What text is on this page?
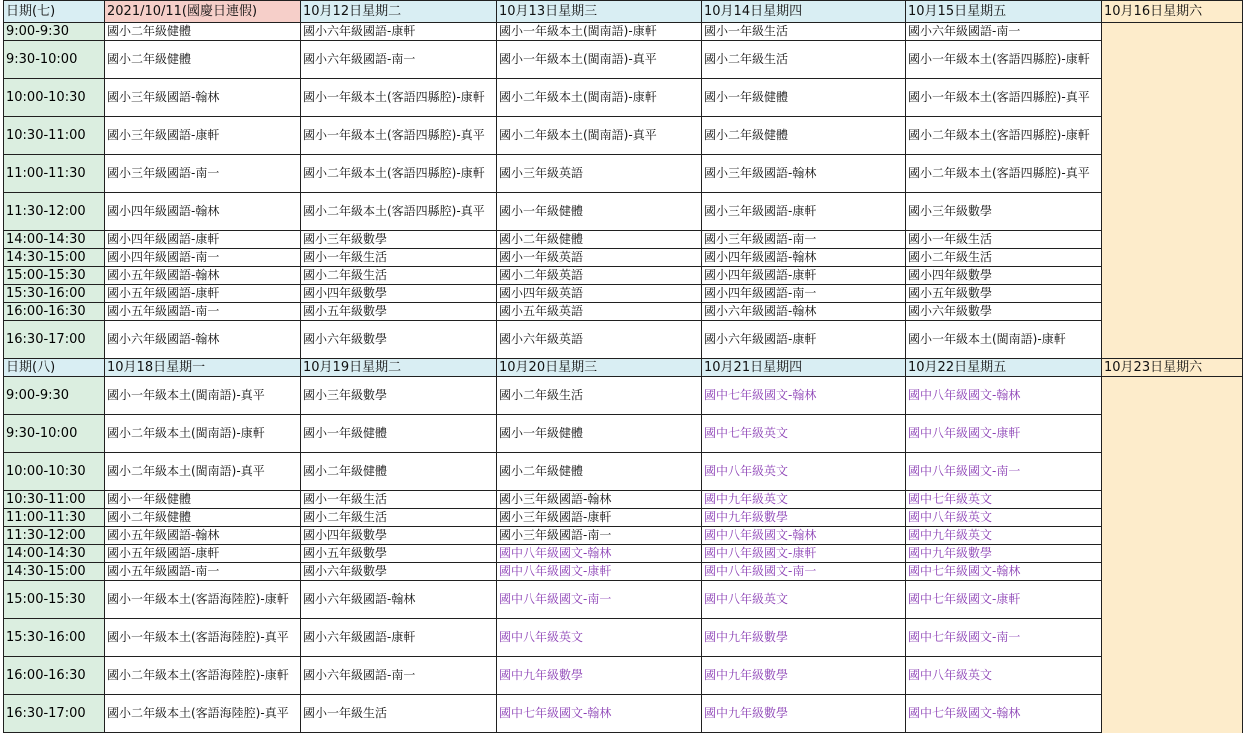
日期(七)	2021/10/11(國慶日連假)	10月12日星期二	10月13日星期三	10月14日星期四	10月15日星期五	10月16日星期六
9:00-9:30	國小二年級健體	國小六年級國語-康軒	國小一年級本土(閩南語)-康軒	國小一年級生活	國小六年級國語-南一	
9:30-10:00	國小二年級健體	國小六年級國語-南一	國小一年級本土(閩南語)-真平	國小二年級生活	國小一年級本土(客語四縣腔)-康軒	
10:00-10:30	國小三年級國語-翰林	國小一年級本土(客語四縣腔)-康軒	國小二年級本土(閩南語)-康軒	國小一年級健體	國小一年級本土(客語四縣腔)-真平	
10:30-11:00	國小三年級國語-康軒	國小一年級本土(客語四縣腔)-真平	國小二年級本土(閩南語)-真平	國小二年級健體	國小二年級本土(客語四縣腔)-康軒	
11:00-11:30	國小三年級國語-南一	國小二年級本土(客語四縣腔)-康軒	國小三年級英語	國小三年級國語-翰林	國小二年級本土(客語四縣腔)-真平	
11:30-12:00	國小四年級國語-翰林	國小二年級本土(客語四縣腔)-真平	國小一年級健體	國小三年級國語-康軒	國小三年級數學	
14:00-14:30	國小四年級國語-康軒	國小三年級數學	國小二年級健體	國小三年級國語-南一	國小一年級生活	
14:30-15:00	國小四年級國語-南一	國小一年級生活	國小一年級英語	國小四年級國語-翰林	國小二年級生活	
15:00-15:30	國小五年級國語-翰林	國小二年級生活	國小二年級英語	國小四年級國語-康軒	國小四年級數學	
15:30-16:00	國小五年級國語-康軒	國小四年級數學	國小四年級英語	國小四年級國語-南一	國小五年級數學	
16:00-16:30	國小五年級國語-南一	國小五年級數學	國小五年級英語	國小六年級國語-翰林	國小六年級數學	
16:30-17:00	國小六年級國語-翰林	國小六年級數學	國小六年級英語	國小六年級國語-康軒	國小一年級本土(閩南語)-康軒	
日期(八)	10月18日星期一	10月19日星期二	10月20日星期三	10月21日星期四	10月22日星期五	10月23日星期六
9:00-9:30	國小一年級本土(閩南語)-真平	國小三年級數學	國小二年級生活	國中七年級國文-翰林	國中八年級國文-翰林	
9:30-10:00	國小二年級本土(閩南語)-康軒	國小一年級健體	國小一年級健體	國中七年級英文	國中八年級國文-康軒	
10:00-10:30	國小二年級本土(閩南語)-真平	國小二年級健體	國小二年級健體	國中八年級英文	國中八年級國文-南一	
10:30-11:00	國小一年級健體	國小一年級生活	國小三年級國語-翰林	國中九年級英文	國中七年級英文	
11:00-11:30	國小二年級健體	國小二年級生活	國小三年級國語-康軒	國中九年級數學	國中八年級英文	
11:30-12:00	國小五年級國語-翰林	國小四年級數學	國小三年級國語-南一	國中八年級國文-翰林	國中九年級英文	
14:00-14:30	國小五年級國語-康軒	國小五年級數學	國中八年級國文-翰林	國中八年級國文-康軒	國中九年級數學	
14:30-15:00	國小五年級國語-南一	國小六年級數學	國中八年級國文-康軒	國中八年級國文-南一	國中七年級國文-翰林	
15:00-15:30	國小一年級本土(客語海陸腔)-康軒	國小六年級國語-翰林	國中八年級國文-南一	國中八年級英文	國中七年級國文-康軒	
15:30-16:00	國小一年級本土(客語海陸腔)-真平	國小六年級國語-康軒	國中八年級英文	國中九年級數學	國中七年級國文-南一	
16:00-16:30	國小二年級本土(客語海陸腔)-康軒	國小六年級國語-南一	國中九年級數學	國中九年級數學	國中八年級英文	
16:30-17:00	國小二年級本土(客語海陸腔)-真平	國小一年級生活	國中七年級國文-翰林	國中九年級數學	國中七年級國文-翰林	
